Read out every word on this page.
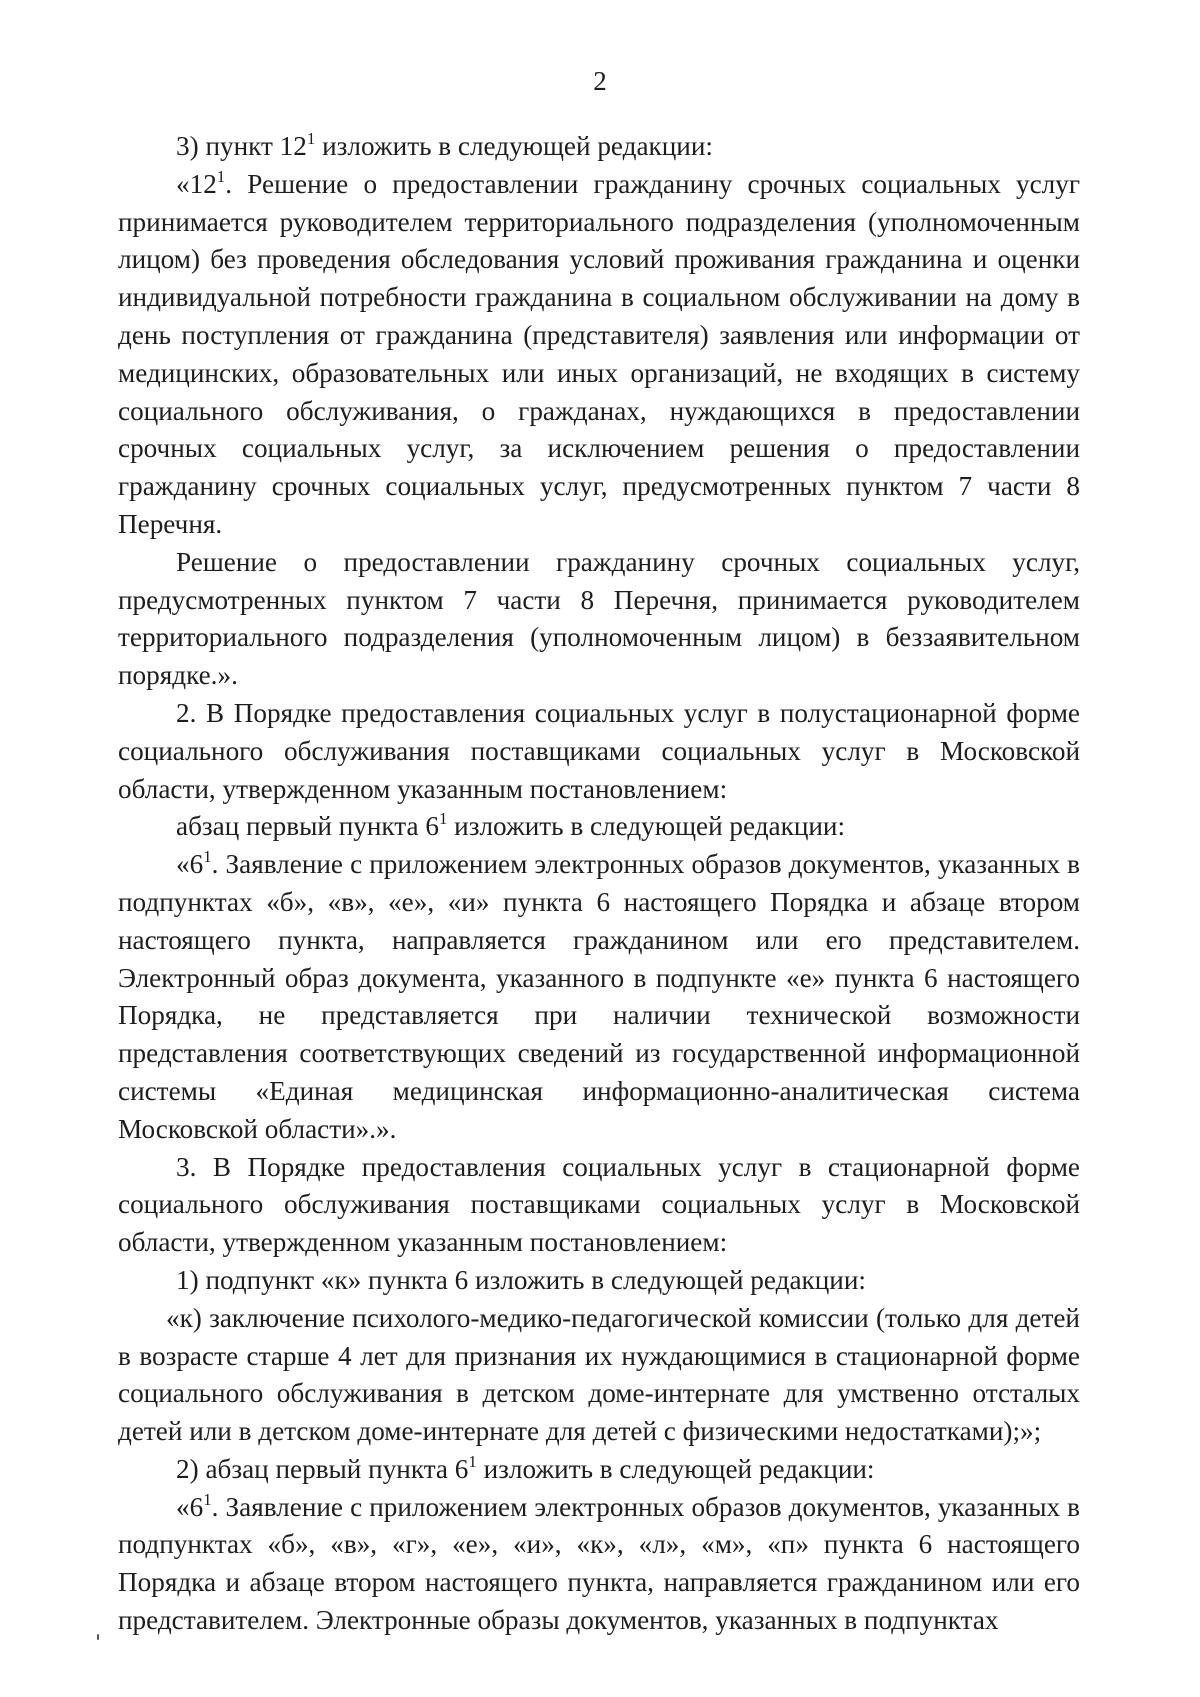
2

3) пункт $12^1$ изложить в следующей редакции:

«$12^1$. Решение о предоставлении гражданину срочных социальных услуг принимается руководителем территориального подразделения (уполномоченным лицом) без проведения обследования условий проживания гражданина и оценки индивидуальной потребности гражданина в социальном обслуживании на дому в день поступления от гражданина (представителя) заявления или информации от медицинских, образовательных или иных организаций, не входящих в систему социального обслуживания, о гражданах, нуждающихся в предоставлении срочных социальных услуг, за исключением решения о предоставлении гражданину срочных социальных услуг, предусмотренных пунктом 7 части 8 Перечня.

Решение о предоставлении гражданину срочных социальных услуг, предусмотренных пунктом 7 части 8 Перечня, принимается руководителем территориального подразделения (уполномоченным лицом) в беззаявительном порядке.».

2. В Порядке предоставления социальных услуг в полустационарной форме социального обслуживания поставщиками социальных услуг в Московской области, утвержденном указанным постановлением:

абзац первый пункта $6^1$ изложить в следующей редакции:

«$6^1$. Заявление с приложением электронных образов документов, указанных в подпунктах «б», «в», «е», «и» пункта 6 настоящего Порядка и абзаце втором настоящего пункта, направляется гражданином или его представителем. Электронный образ документа, указанного в подпункте «е» пункта 6 настоящего Порядка, не представляется при наличии технической возможности представления соответствующих сведений из государственной информационной системы «Единая медицинская информационно-аналитическая система Московской области».».

3. В Порядке предоставления социальных услуг в стационарной форме социального обслуживания поставщиками социальных услуг в Московской области, утвержденном указанным постановлением:

1) подпункт «к» пункта 6 изложить в следующей редакции:

«к) заключение психолого-медико-педагогической комиссии (только для детей в возрасте старше 4 лет для признания их нуждающимися в стационарной форме социального обслуживания в детском доме-интернате для умственно отсталых детей или в детском доме-интернате для детей с физическими недостатками);»;

2) абзац первый пункта $6^1$ изложить в следующей редакции:

«$6^1$. Заявление с приложением электронных образов документов, указанных в подпунктах «б», «в», «г», «е», «и», «к», «л», «м», «п» пункта 6 настоящего Порядка и абзаце втором настоящего пункта, направляется гражданином или его представителем. Электронные образы документов, указанных в подпунктах
